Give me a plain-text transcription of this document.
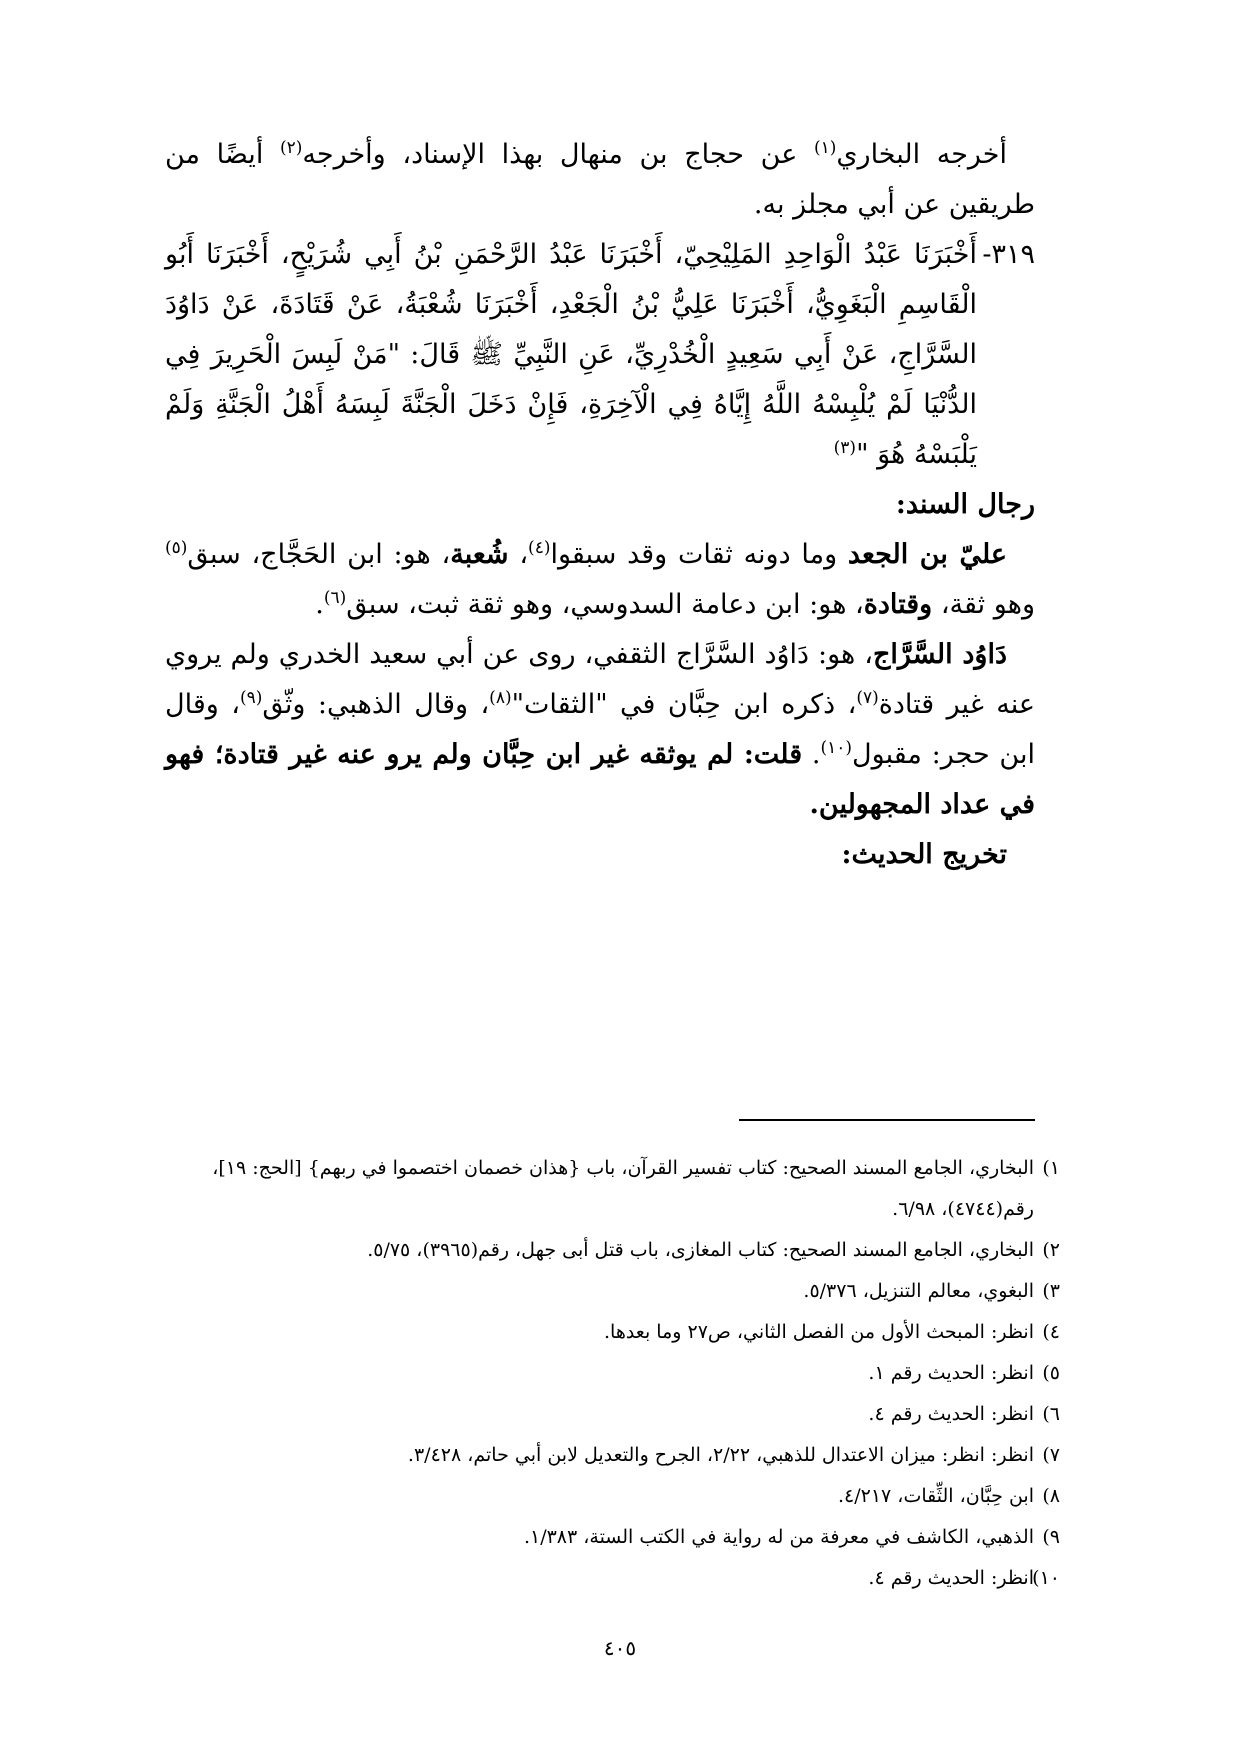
أخرجه البخاري$^{(١)}$ عن حجاج بن منهال بهذا الإسناد، وأخرجه$^{(٢)}$ أيضًا من طريقين عن أبي مجلز به.

٣١٩-
أَخْبَرَنَا عَبْدُ الْوَاحِدِ المَلِيْحِيّ، أَخْبَرَنَا عَبْدُ الرَّحْمَنِ بْنُ أَبِي شُرَيْحٍ، أَخْبَرَنَا أَبُو الْقَاسِمِ الْبَغَوِيُّ، أَخْبَرَنَا عَلِيُّ بْنُ الْجَعْدِ، أَخْبَرَنَا شُعْبَةُ، عَنْ قَتَادَةَ، عَنْ دَاوُدَ السَّرَّاجِ، عَنْ أَبِي سَعِيدٍ الْخُدْرِيِّ، عَنِ النَّبِيِّ ﷺ قَالَ: "مَنْ لَبِسَ الْحَرِيرَ فِي الدُّنْيَا لَمْ يُلْبِسْهُ اللَّهُ إِيَّاهُ فِي الْآخِرَةِ، فَإِنْ دَخَلَ الْجَنَّةَ لَبِسَهُ أَهْلُ الْجَنَّةِ وَلَمْ يَلْبَسْهُ هُوَ "$^{(٣)}$

رجال السند:

عليّ بن الجعد وما دونه ثقات وقد سبقوا$^{(٤)}$، شُعبة، هو: ابن الحَجَّاج، سبق$^{(٥)}$ وهو ثقة، وقتادة، هو: ابن دعامة السدوسي، وهو ثقة ثبت، سبق$^{(٦)}$.

دَاوُد السَّرَّاج، هو: دَاوُد السَّرَّاج الثقفي، روى عن أبي سعيد الخدري ولم يروي عنه غير قتادة$^{(٧)}$، ذكره ابن حِبَّان في "الثقات"$^{(٨)}$، وقال الذهبي: وثّق$^{(٩)}$، وقال ابن حجر: مقبول$^{(١٠)}$. قلت: لم يوثقه غير ابن حِبَّان ولم يرو عنه غير قتادة؛ فهو في عداد المجهولين.

تخريج الحديث:

١)
البخاري، الجامع المسند الصحيح: كتاب تفسير القرآن، باب {هذان خصمان اختصموا في ربهم} [الحج: ١٩]، رقم(٤٧٤٤)، ٦/٩٨.
٢)
البخاري، الجامع المسند الصحيح: كتاب المغازى، باب قتل أبى جهل، رقم(٣٩٦٥)، ٥/٧٥.
٣)
البغوي، معالم التنزيل، ٥/٣٧٦.
٤)
انظر: المبحث الأول من الفصل الثاني، ص٢٧ وما بعدها.
٥)
انظر: الحديث رقم ١.
٦)
انظر: الحديث رقم ٤.
٧)
انظر: انظر: ميزان الاعتدال للذهبي، ٢/٢٢، الجرح والتعديل لابن أبي حاتم، ٣/٤٢٨.
٨)
ابن حِبَّان، الثِّقات، ٤/٢١٧.
٩)
الذهبي، الكاشف في معرفة من له رواية في الكتب الستة، ١/٣٨٣.
١٠)
انظر: الحديث رقم ٤.
٤٠٥
